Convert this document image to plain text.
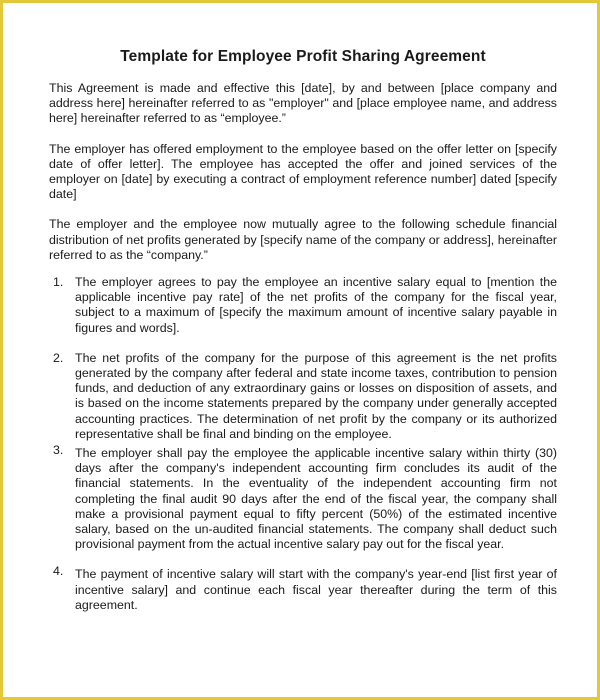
Template for Employee Profit Sharing Agreement

This Agreement is made and effective this [date], by and between [place company and address here] hereinafter referred to as "employer" and [place employee name, and address here] hereinafter referred to as “employee.”

The employer has offered employment to the employee based on the offer letter on [specify date of offer letter]. The employee has accepted the offer and joined services of the employer on [date] by executing a contract of employment reference number] dated [specify date]

The employer and the employee now mutually agree to the following schedule financial distribution of net profits generated by [specify name of the company or address], hereinafter referred to as the “company.”

1. The employer agrees to pay the employee an incentive salary equal to [mention the applicable incentive pay rate] of the net profits of the company for the fiscal year, subject to a maximum of [specify the maximum amount of incentive salary payable in figures and words].
2. The net profits of the company for the purpose of this agreement is the net profits generated by the company after federal and state income taxes, contribution to pension funds, and deduction of any extraordinary gains or losses on disposition of assets, and is based on the income statements prepared by the company under generally accepted accounting practices. The determination of net profit by the company or its authorized representative shall be final and binding on the employee.
3. The employer shall pay the employee the applicable incentive salary within thirty (30) days after the company's independent accounting firm concludes its audit of the financial statements. In the eventuality of the independent accounting firm not completing the final audit 90 days after the end of the fiscal year, the company shall make a provisional payment equal to fifty percent (50%) of the estimated incentive salary, based on the un-audited financial statements. The company shall deduct such provisional payment from the actual incentive salary pay out for the fiscal year.
4. The payment of incentive salary will start with the company's year-end [list first year of incentive salary] and continue each fiscal year thereafter during the term of this agreement.
